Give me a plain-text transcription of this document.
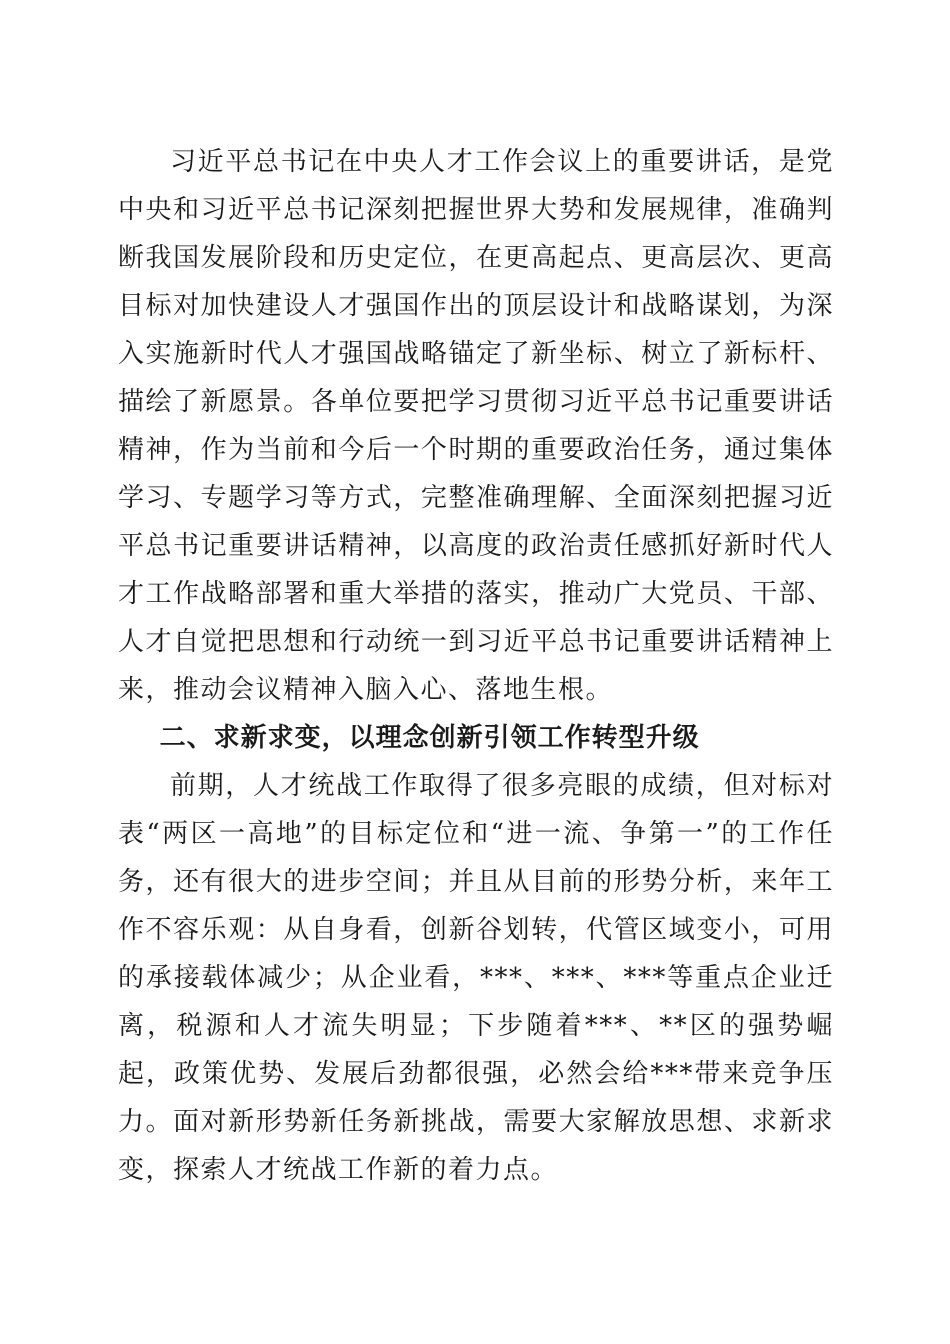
习近平总书记在中央人才工作会议上的重要讲话，是党中央和习近平总书记深刻把握世界大势和发展规律，准确判断我国发展阶段和历史定位，在更高起点、更高层次、更高目标对加快建设人才强国作出的顶层设计和战略谋划，为深入实施新时代人才强国战略锚定了新坐标、树立了新标杆、描绘了新愿景。各单位要把学习贯彻习近平总书记重要讲话精神，作为当前和今后一个时期的重要政治任务，通过集体学习、专题学习等方式，完整准确理解、全面深刻把握习近平总书记重要讲话精神，以高度的政治责任感抓好新时代人才工作战略部署和重大举措的落实，推动广大党员、干部、人才自觉把思想和行动统一到习近平总书记重要讲话精神上来，推动会议精神入脑入心、落地生根。

二、求新求变，以理念创新引领工作转型升级

前期，人才统战工作取得了很多亮眼的成绩，但对标对表“两区一高地”的目标定位和“进一流、争第一”的工作任务，还有很大的进步空间；并且从目前的形势分析，来年工作不容乐观：从自身看，创新谷划转，代管区域变小，可用的承接载体减少；从企业看，***、***、***等重点企业迁离，税源和人才流失明显；下步随着***、**区的强势崛起，政策优势、发展后劲都很强，必然会给***带来竞争压力。面对新形势新任务新挑战，需要大家解放思想、求新求变，探索人才统战工作新的着力点。
